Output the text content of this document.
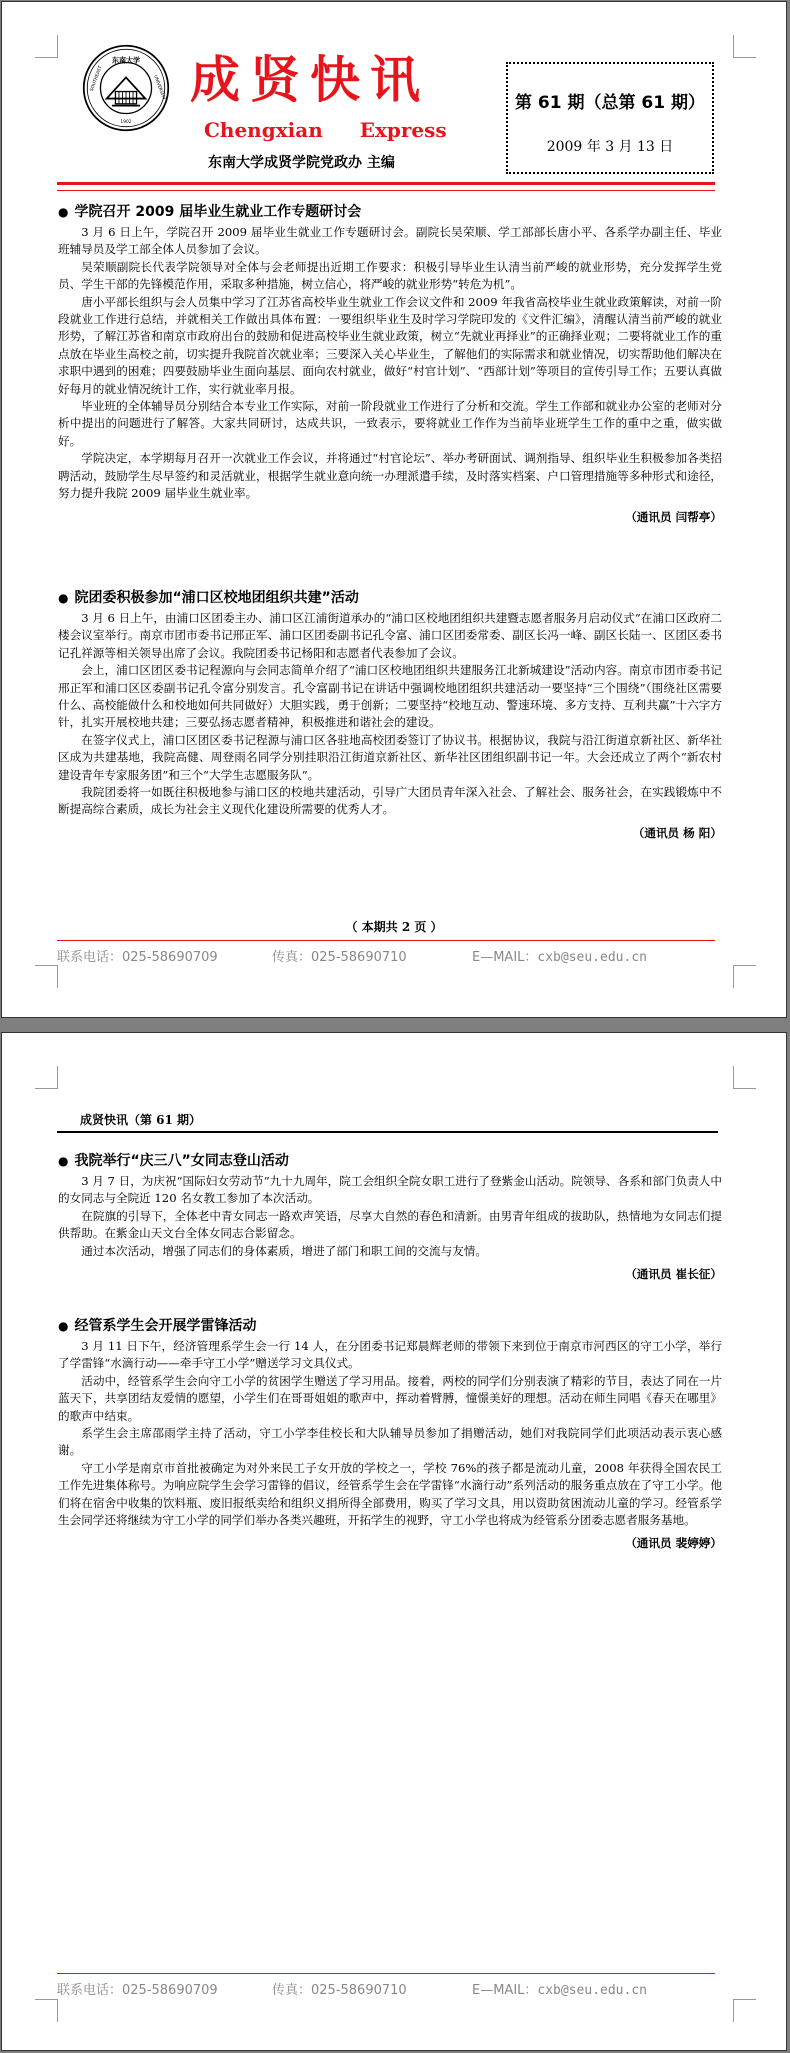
东南大学
SOUTHEAST	UNIVERSITY
1902
成贤快讯
Chengxian Express
东南大学成贤学院党政办 主编
第 61 期（总第 61 期）
2009 年 3 月 13 日
● 学院召开 2009 届毕业生就业工作专题研讨会

3 月 6 日上午，学院召开 2009 届毕业生就业工作专题研讨会。副院长吴荣顺、学工部部长唐小平、各系学办副主任、毕业班辅导员及学工部全体人员参加了会议。

吴荣顺副院长代表学院领导对全体与会老师提出近期工作要求：积极引导毕业生认清当前严峻的就业形势，充分发挥学生党员、学生干部的先锋模范作用，采取多种措施，树立信心，将严峻的就业形势“转危为机”。

唐小平部长组织与会人员集中学习了江苏省高校毕业生就业工作会议文件和 2009 年我省高校毕业生就业政策解读，对前一阶段就业工作进行总结，并就相关工作做出具体布置：一要组织毕业生及时学习学院印发的《文件汇编》，清醒认清当前严峻的就业形势，了解江苏省和南京市政府出台的鼓励和促进高校毕业生就业政策，树立“先就业再择业”的正确择业观；二要将就业工作的重点放在毕业生高校之前，切实提升我院首次就业率；三要深入关心毕业生，了解他们的实际需求和就业情况，切实帮助他们解决在求职中遇到的困难；四要鼓励毕业生面向基层、面向农村就业，做好“村官计划”、“西部计划”等项目的宣传引导工作；五要认真做好每月的就业情况统计工作，实行就业率月报。

毕业班的全体辅导员分别结合本专业工作实际，对前一阶段就业工作进行了分析和交流。学生工作部和就业办公室的老师对分析中提出的问题进行了解答。大家共同研讨，达成共识，一致表示，要将就业工作作为当前毕业班学生工作的重中之重，做实做好。

学院决定，本学期每月召开一次就业工作会议，并将通过“村官论坛”、举办考研面试、调剂指导、组织毕业生积极参加各类招聘活动，鼓励学生尽早签约和灵活就业，根据学生就业意向统一办理派遣手续，及时落实档案、户口管理措施等多种形式和途径，努力提升我院 2009 届毕业生就业率。

（通讯员 闫帮亭）
● 院团委积极参加“浦口区校地团组织共建”活动

3 月 6 日上午，由浦口区团委主办、浦口区江浦街道承办的“浦口区校地团组织共建暨志愿者服务月启动仪式”在浦口区政府二楼会议室举行。南京市团市委书记邢正军、浦口区团委副书记孔令富、浦口区团委常委、副区长冯一峰、副区长陆一、区团区委书记孔祥源等相关领导出席了会议。我院团委书记杨阳和志愿者代表参加了会议。

会上，浦口区团区委书记程源向与会同志简单介绍了“浦口区校地团组织共建服务江北新城建设”活动内容。南京市团市委书记邢正军和浦口区区委副书记孔令富分别发言。孔令富副书记在讲话中强调校地团组织共建活动一要坚持“三个围绕”（围绕社区需要什么、高校能做什么和校地如何共同做好）大胆实践，勇于创新；二要坚持“校地互动、警速环境、多方支持、互利共赢”十六字方针，扎实开展校地共建；三要弘扬志愿者精神，积极推进和谐社会的建设。

在签字仪式上，浦口区团区委书记程源与浦口区各驻地高校团委签订了协议书。根据协议，我院与沿江街道京新社区、新华社区成为共建基地，我院高健、周登雨名同学分别挂职沿江街道京新社区、新华社区团组织副书记一年。大会还成立了两个“新农村建设青年专家服务团”和三个“大学生志愿服务队”。

我院团委将一如既往积极地参与浦口区的校地共建活动，引导广大团员青年深入社会、了解社会、服务社会，在实践锻炼中不断提高综合素质，成长为社会主义现代化建设所需要的优秀人才。

（通讯员 杨 阳）
（ 本期共 2 页 ）
联系电话：025-58690709	传真：025-58690710	E—MAIL：cxb@seu.edu.cn
成贤快讯（第 61 期）
● 我院举行“庆三八”女同志登山活动

3 月 7 日，为庆祝“国际妇女劳动节”九十九周年，院工会组织全院女职工进行了登紫金山活动。院领导、各系和部门负责人中的女同志与全院近 120 名女教工参加了本次活动。

在院旗的引导下，全体老中青女同志一路欢声笑语，尽享大自然的春色和清新。由男青年组成的拔助队，热情地为女同志们提供帮助。在紫金山天文台全体女同志合影留念。

通过本次活动，增强了同志们的身体素质，增进了部门和职工间的交流与友情。

（通讯员 崔长征）
● 经管系学生会开展学雷锋活动

3 月 11 日下午，经济管理系学生会一行 14 人，在分团委书记郑晨辉老师的带领下来到位于南京市河西区的守工小学，举行了学雷锋“水滴行动——牵手守工小学”赠送学习文具仪式。

活动中，经管系学生会向守工小学的贫困学生赠送了学习用品。接着，两校的同学们分别表演了精彩的节目，表达了同在一片蓝天下，共享团结友爱情的愿望，小学生们在哥哥姐姐的歌声中，挥动着臂膊，憧憬美好的理想。活动在师生同唱《春天在哪里》的歌声中结束。

系学生会主席邵雨学主持了活动，守工小学李佳校长和大队辅导员参加了捐赠活动，她们对我院同学们此项活动表示衷心感谢。

守工小学是南京市首批被确定为对外来民工子女开放的学校之一，学校 76%的孩子都是流动儿童，2008 年获得全国农民工工作先进集体称号。为响应院学生会学习雷锋的倡议，经管系学生会在学雷锋“水滴行动”系列活动的服务重点放在了守工小学。他们将在宿舍中收集的饮料瓶、废旧报纸卖给和组织义捐所得全部费用，购买了学习文具，用以资助贫困流动儿童的学习。经管系学生会同学还将继续为守工小学的同学们举办各类兴趣班，开拓学生的视野，守工小学也将成为经管系分团委志愿者服务基地。

（通讯员 裴婷婷）
联系电话：025-58690709	传真：025-58690710	E—MAIL：cxb@seu.edu.cn
